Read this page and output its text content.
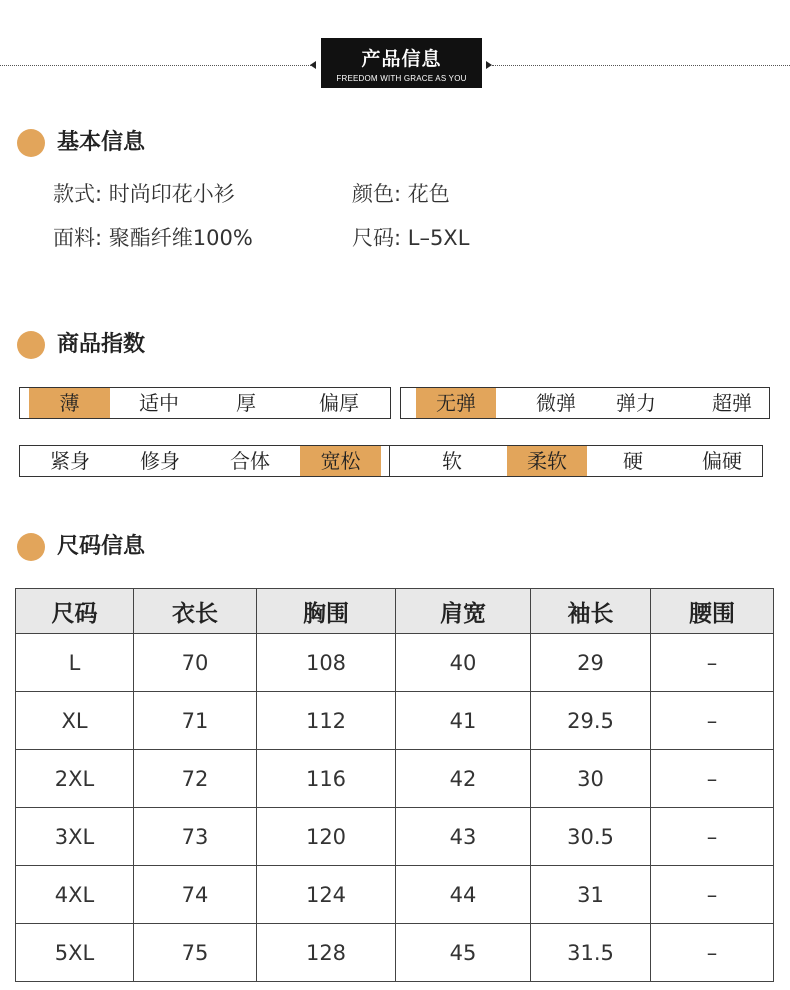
产品信息
FREEDOM WITH GRACE AS YOU
基本信息
款式: 时尚印花小衫	颜色: 花色
面料: 聚酯纤维100%	尺码: L–5XL
商品指数
薄	适中	厚	偏厚	无弹	微弹	弹力	超弹
紧身	修身	合体	宽松	软	柔软	硬	偏硬
尺码信息
尺码	衣长	胸围	肩宽	袖长	腰围
L	70	108	40	29	–
XL	71	112	41	29.5	–
2XL	72	116	42	30	–
3XL	73	120	43	30.5	–
4XL	74	124	44	31	–
5XL	75	128	45	31.5	–
